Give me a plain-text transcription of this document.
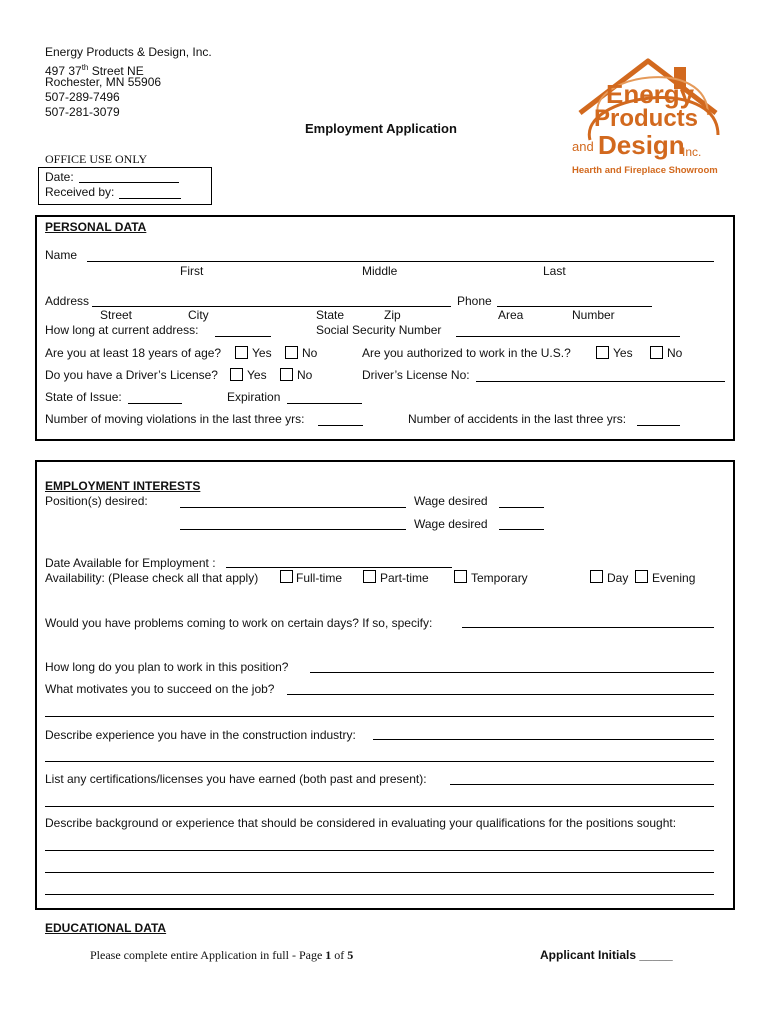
Energy Products & Design, Inc.
497 37th Street NE
Rochester, MN 55906
507-289-7496
507-281-3079
Energy
Products
and Design
Inc.
Hearth and Fireplace Showroom
Employment Application
OFFICE USE ONLY
Date:
Received by:
PERSONAL DATA
Name
First	Middle	Last
Address	Phone
Street	City	State	Zip	Area	Number
How long at current address:	Social Security Number
Are you at least 18 years of age?	Yes	No	Are you authorized to work in the U.S.?	Yes	No
Do you have a Driver’s License? Yes	No	Driver’s License No:
State of Issue:	Expiration
Number of moving violations in the last three yrs:	Number of accidents in the last three yrs:
EMPLOYMENT INTERESTS
Position(s) desired:	Wage desired
Wage desired
Date Available for Employment :
Availability: (Please check all that apply)	Full-time	Part-time	Temporary	Day Evening
Would you have problems coming to work on certain days? If so, specify:
How long do you plan to work in this position?
What motivates you to succeed on the job?
Describe experience you have in the construction industry:
List any certifications/licenses you have earned (both past and present):
Describe background or experience that should be considered in evaluating your qualifications for the positions sought:
EDUCATIONAL DATA
Please complete entire Application in full - Page 1 of 5	Applicant Initials _____
